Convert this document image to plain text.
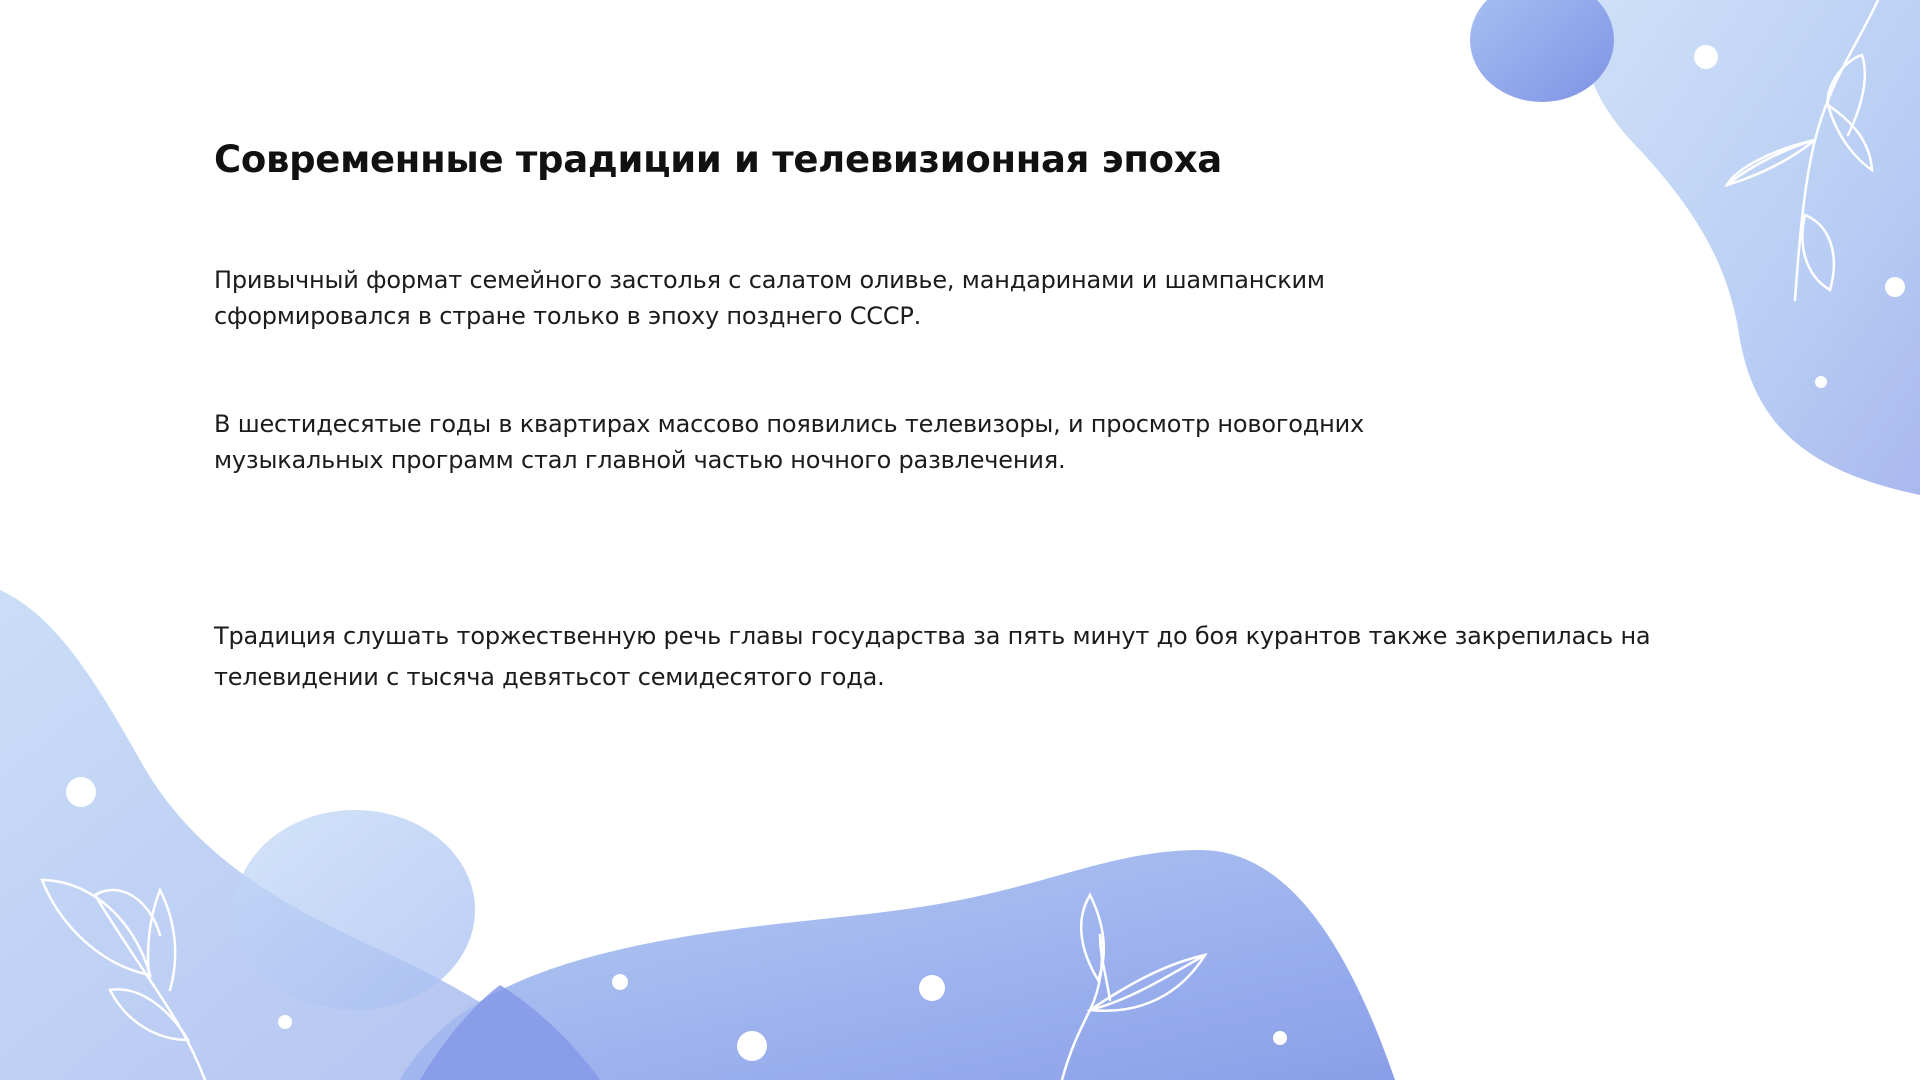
Современные традиции и телевизионная эпоха

Привычный формат семейного застолья с салатом оливье, мандаринами и шампанским сформировался в стране только в эпоху позднего СССР.

В шестидесятые годы в квартирах массово появились телевизоры, и просмотр новогодних музыкальных программ стал главной частью ночного развлечения.

Традиция слушать торжественную речь главы государства за пять минут до боя курантов также закрепилась на телевидении с тысяча девятьсот семидесятого года.
